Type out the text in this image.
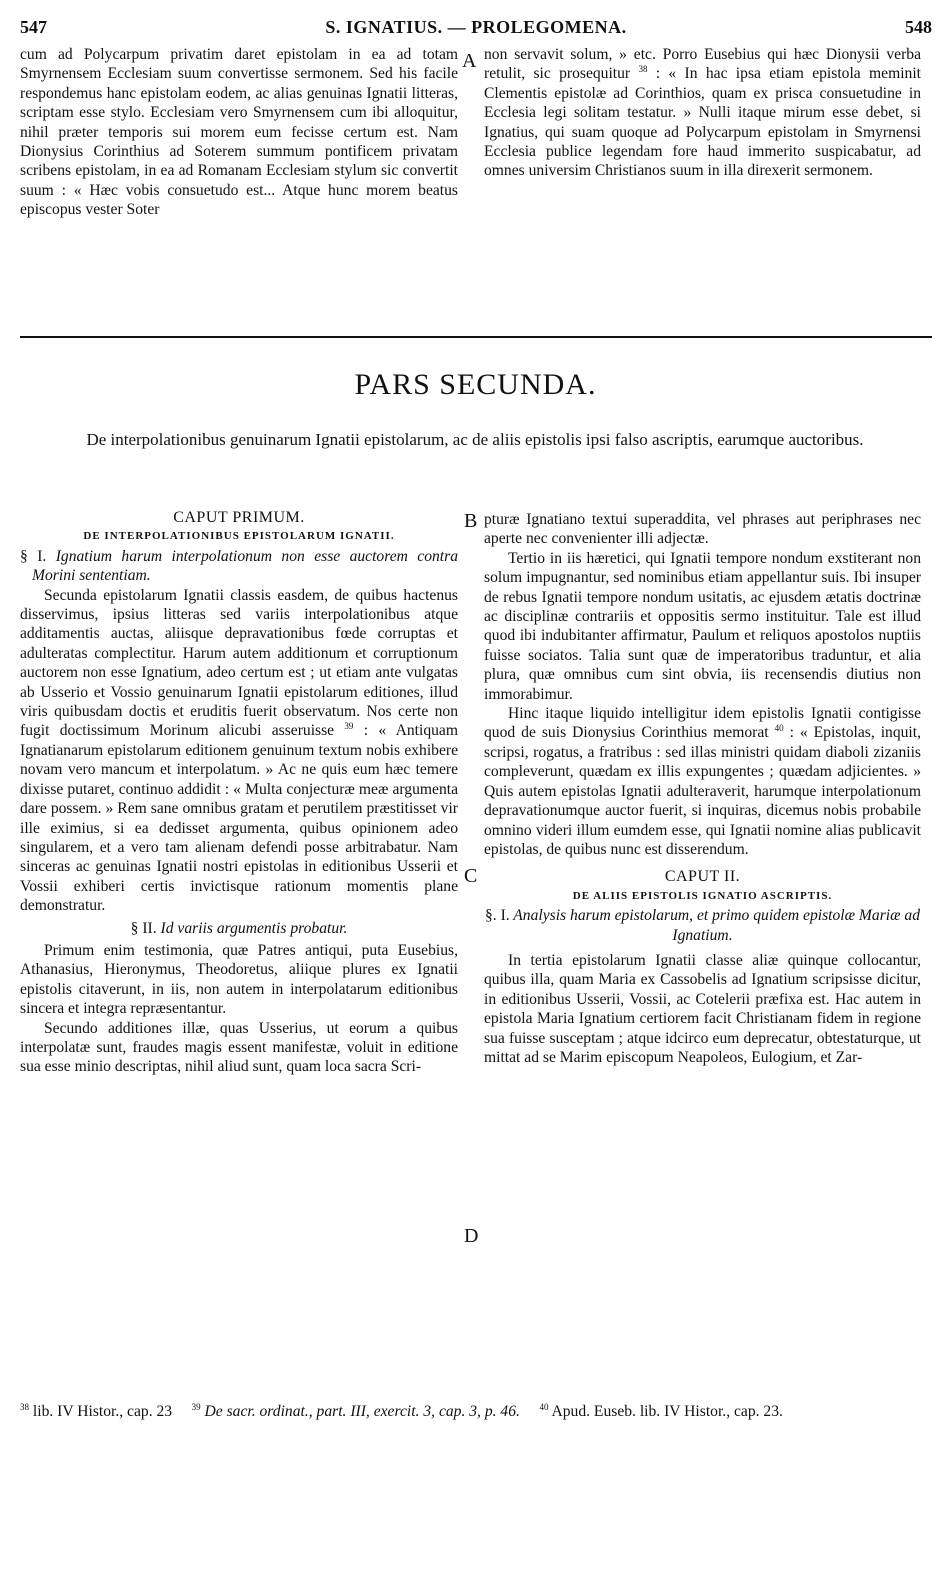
547	S. IGNATIUS. — PROLEGOMENA.	548

cum ad Polycarpum privatim daret epistolam in ea ad totam Smyrnensem Ecclesiam suum convertisse sermonem. Sed his facile respondemus hanc epistolam eodem, ac alias genuinas Ignatii litteras, scriptam esse stylo. Ecclesiam vero Smyrnensem cum ibi alloquitur, nihil præter temporis sui morem eum fecisse certum est. Nam Dionysius Corinthius ad Soterem summum pontificem privatam scribens epistolam, in ea ad Romanam Ecclesiam stylum sic convertit suum : « Hæc vobis consuetudo est... Atque hunc morem beatus episcopus vester Soter

A non servavit solum, » etc. Porro Eusebius qui hæc Dionysii verba retulit, sic prosequitur $^{38}$ : « In hac ipsa etiam epistola meminit Clementis epistolæ ad Corinthios, quam ex prisca consuetudine in Ecclesia legi solitam testatur. » Nulli itaque mirum esse debet, si Ignatius, qui suam quoque ad Polycarpum epistolam in Smyrnensi Ecclesia publice legendam fore haud immerito suspicabatur, ad omnes universim Christianos suum in illa direxerit sermonem.

PARS SECUNDA.
De interpolationibus genuinarum Ignatii epistolarum, ac de aliis epistolis ipsi falso ascriptis, earumque auctoribus.

CAPUT PRIMUM.

DE INTERPOLATIONIBUS EPISTOLARUM IGNATII.

§ I. Ignatium harum interpolationum non esse auctorem contra Morini sententiam.

Secunda epistolarum Ignatii classis easdem, de quibus hactenus disservimus, ipsius litteras sed variis interpolationibus atque additamentis auctas, aliisque depravationibus fœde corruptas et adulteratas complectitur. Harum autem additionum et corruptionum auctorem non esse Ignatium, adeo certum est ; ut etiam ante vulgatas ab Usserio et Vossio genuinarum Ignatii epistolarum editiones, illud viris quibusdam doctis et eruditis fuerit observatum. Nos certe non fugit doctissimum Morinum alicubi asseruisse $^{39}$ : « Antiquam Ignatianarum epistolarum editionem genuinum textum nobis exhibere novam vero mancum et interpolatum. » Ac ne quis eum hæc temere dixisse putaret, continuo addidit : « Multa conjecturæ meæ argumenta dare possem. » Rem sane omnibus gratam et perutilem præstitisset vir ille eximius, si ea dedisset argumenta, quibus opinionem adeo singularem, et a vero tam alienam defendi posse arbitrabatur. Nam sinceras ac genuinas Ignatii nostri epistolas in editionibus Usserii et Vossii exhiberi certis invictisque rationum momentis plane demonstratur.

§ II. Id variis argumentis probatur.

Primum enim testimonia, quæ Patres antiqui, puta Eusebius, Athanasius, Hieronymus, Theodoretus, aliique plures ex Ignatii epistolis citaverunt, in iis, non autem in interpolatarum editionibus sincera et integra repræsentantur.

Secundo additiones illæ, quas Usserius, ut eorum a quibus interpolatæ sunt, fraudes magis essent manifestæ, voluit in editione sua esse minio descriptas, nihil aliud sunt, quam loca sacra Scri-

B
C
D

pturæ Ignatiano textui superaddita, vel phrases aut periphrases nec aperte nec convenienter illi adjectæ.

Tertio in iis hæretici, qui Ignatii tempore nondum exstiterant non solum impugnantur, sed nominibus etiam appellantur suis. Ibi insuper de rebus Ignatii tempore nondum usitatis, ac ejusdem ætatis doctrinæ ac disciplinæ contrariis et oppositis sermo instituitur. Tale est illud quod ibi indubitanter affirmatur, Paulum et reliquos apostolos nuptiis fuisse sociatos. Talia sunt quæ de imperatoribus traduntur, et alia plura, quæ omnibus cum sint obvia, iis recensendis diutius non immorabimur.

Hinc itaque liquido intelligitur idem epistolis Ignatii contigisse quod de suis Dionysius Corinthius memorat $^{40}$ : « Epistolas, inquit, scripsi, rogatus, a fratribus : sed illas ministri quidam diaboli zizaniis compleverunt, quædam ex illis expungentes ; quædam adjicientes. » Quis autem epistolas Ignatii adulteraverit, harumque interpolationum depravationumque auctor fuerit, si inquiras, dicemus nobis probabile omnino videri illum eumdem esse, qui Ignatii nomine alias publicavit epistolas, de quibus nunc est disserendum.

CAPUT II.

DE ALIIS EPISTOLIS IGNATIO ASCRIPTIS.

§. I. Analysis harum epistolarum, et primo quidem epistolæ Mariæ ad Ignatium.

In tertia epistolarum Ignatii classe aliæ quinque collocantur, quibus illa, quam Maria ex Cassobelis ad Ignatium scripsisse dicitur, in editionibus Usserii, Vossii, ac Cotelerii præfixa est. Hac autem in epistola Maria Ignatium certiorem facit Christianam fidem in regione sua fuisse susceptam ; atque idcirco eum deprecatur, obtestaturque, ut mittat ad se Marim episcopum Neapoleos, Eulogium, et Zar-

$^{38}$ lib. IV Histor., cap. 23 $^{39}$ De sacr. ordinat., part. III, exercit. 3, cap. 3, p. 46. $^{40}$ Apud. Euseb. lib. IV Histor., cap. 23.
